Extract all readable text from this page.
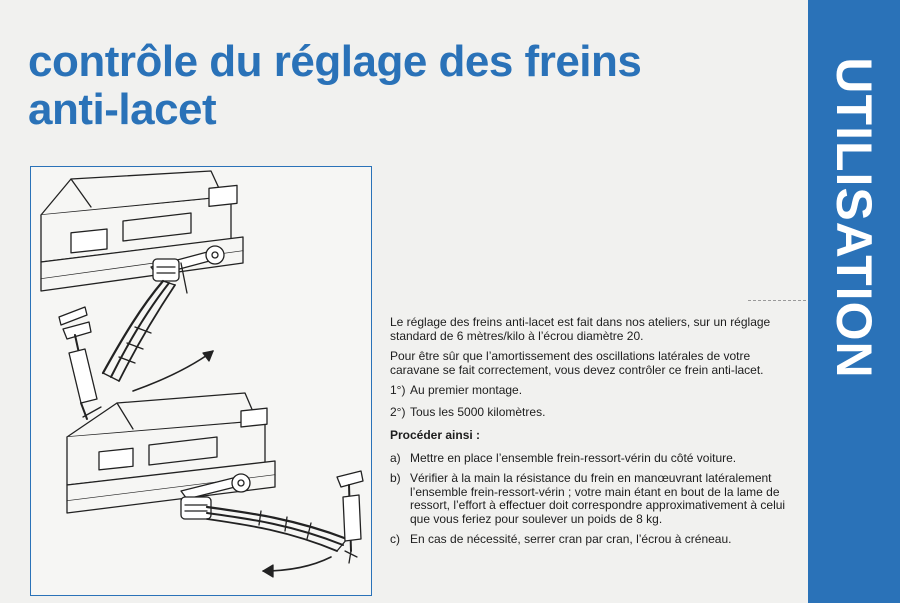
contrôle du réglage des freins
anti-lacet	UTILISATION

Le réglage des freins anti-lacet est fait dans nos ateliers, sur un réglage standard de 6 mètres/kilo à l’écrou diamètre 20.

Pour être sûr que l’amortissement des oscillations latérales de votre caravane se fait correctement, vous devez contrôler ce frein anti-lacet.

1°) Au premier montage.
2°) Tous les 5000 kilomètres.
Procéder ainsi :
a) Mettre en place l’ensemble frein-ressort-vérin du côté voiture.
b) Vérifier à la main la résistance du frein en manœuvrant latéralement l’ensemble frein-ressort-vérin ; votre main étant en bout de la lame de ressort, l’effort à effectuer doit correspondre approximativement à celui que vous feriez pour soulever un poids de 8 kg.
c) En cas de nécessité, serrer cran par cran, l’écrou à créneau.
